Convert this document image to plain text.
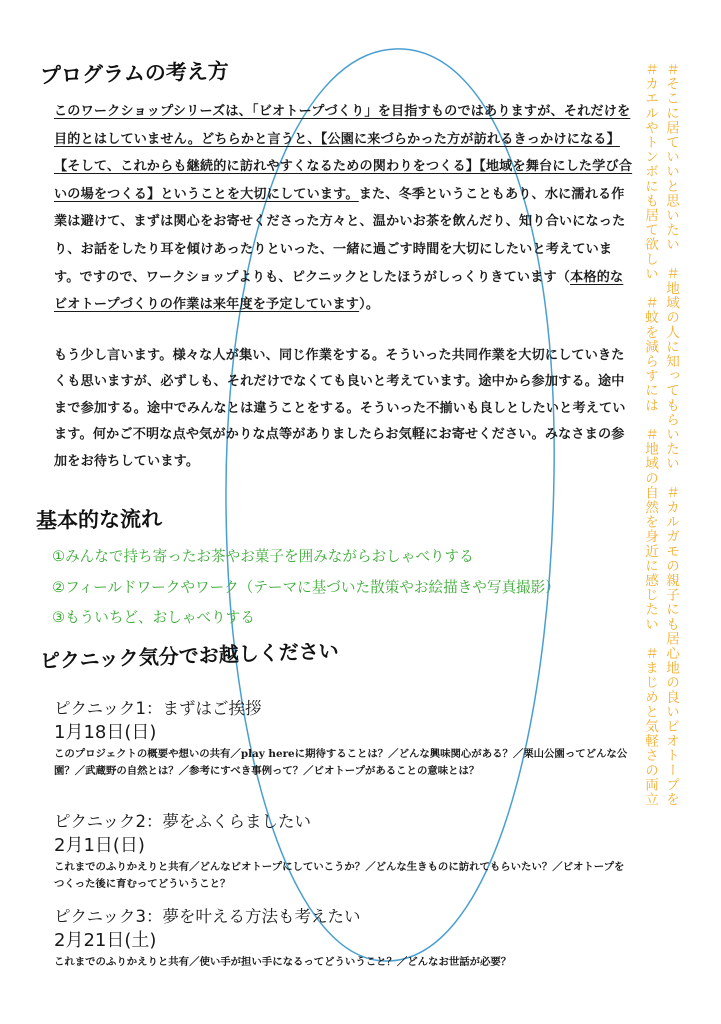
プログラムの考え方

このワークショップシリーズは、「ビオトープづくり」を目指すものではありますが、それだけを目的とはしていません。どちらかと言うと、【公園に来づらかった方が訪れるきっかけになる】【そして、これからも継続的に訪れやすくなるための関わりをつくる】【地域を舞台にした学び合いの場をつくる】ということを大切にしています。また、冬季ということもあり、水に濡れる作業は避けて、まずは関心をお寄せくださった方々と、温かいお茶を飲んだり、知り合いになったり、お話をしたり耳を傾けあったりといった、一緒に過ごす時間を大切にしたいと考えています。ですので、ワークショップよりも、ピクニックとしたほうがしっくりきています（本格的なビオトープづくりの作業は来年度を予定しています）。

もう少し言います。様々な人が集い、同じ作業をする。そういった共同作業を大切にしていきたくも思いますが、必ずしも、それだけでなくても良いと考えています。途中から参加する。途中まで参加する。途中でみんなとは違うことをする。そういった不揃いも良しとしたいと考えています。何かご不明な点や気がかりな点等がありましたらお気軽にお寄せください。みなさまの参加をお待ちしています。

基本的な流れ
①みんなで持ち寄ったお茶やお菓子を囲みながらおしゃべりする
②フィールドワークやワーク（テーマに基づいた散策やお絵描きや写真撮影）
③もういちど、おしゃべりする
ピクニック気分でお越しください
ピクニック1：まずはご挨拶
1月18日(日)
このプロジェクトの概要や想いの共有／play hereに期待することは？／どんな興味関心がある？／栗山公園ってどんな公園？／武蔵野の自然とは？／参考にすべき事例って？／ビオトープがあることの意味とは？
ピクニック2：夢をふくらましたい
2月1日(日)
これまでのふりかえりと共有／どんなビオトープにしていこうか？／どんな生きものに訪れてもらいたい？／ビオトープをつくった後に育むってどういうこと？
ピクニック3：夢を叶える方法も考えたい
2月21日(土)
これまでのふりかえりと共有／使い手が担い手になるってどういうこと？／どんなお世話が必要？
＃そこに居ていいと思いたい　＃地域の人に知ってもらいたい　＃カルガモの親子にも居心地の良いビオトープを
＃カエルやトンボにも居て欲しい　＃蚊を減らすには　＃地域の自然を身近に感じたい　＃まじめと気軽さの両立
